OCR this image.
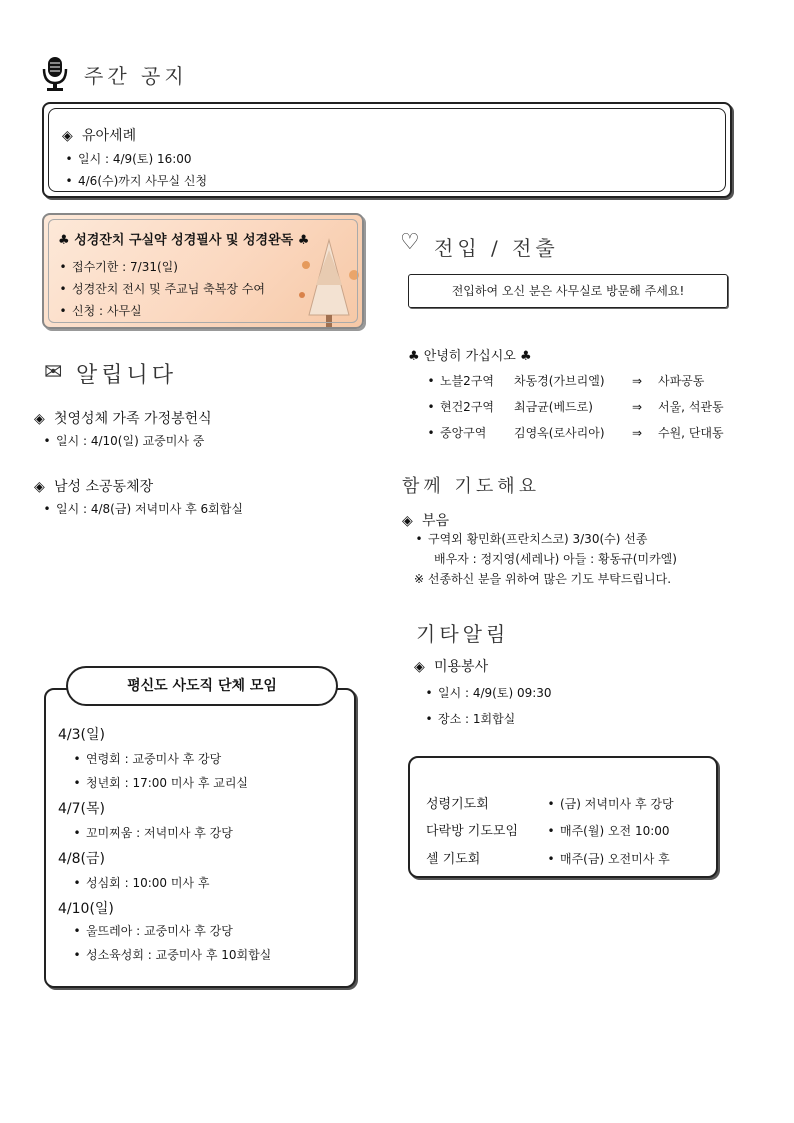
주간 공지
◈ 유아세례
• 일시 : 4/9(토) 16:00
• 4/6(수)까지 사무실 신청
♣ 성경잔치 구실약 성경필사 및 성경완독 ♣
• 접수기한 : 7/31(일)
• 성경잔치 전시 및 주교님 축복장 수여
• 신청 : 사무실
✉ 알립니다
◈ 첫영성체 가족 가정봉헌식
• 일시 : 4/10(일) 교중미사 중
◈ 남성 소공동체장
• 일시 : 4/8(금) 저녁미사 후 6회합실
♡ 전입 / 전출
전입하여 오신 분은 사무실로 방문해 주세요!
♣ 안녕히 가십시오 ♣
• 노블2구역 차동경(가브리엘) ⇒ 사파공동
• 현건2구역 최금균(베드로)	⇒ 서울, 석관동
• 중앙구역 김영옥(로사리아) ⇒ 수원, 단대동
함께 기도해요
◈ 부음
• 구역외 황민화(프란치스코) 3/30(수) 선종
배우자 : 정지영(세레나) 아들 : 황동규(미카엘)
※ 선종하신 분을 위하여 많은 기도 부탁드립니다.
기타알림
◈ 미용봉사
• 일시 : 4/9(토) 09:30
• 장소 : 1회합실
성령기도회	• (금) 저녁미사 후 강당
다락방 기도모임 • 매주(월) 오전 10:00
셀 기도회	• 매주(금) 오전미사 후
평신도 사도직 단체 모임
4/3(일)
• 연령회 : 교중미사 후 강당
• 청년회 : 17:00 미사 후 교리실
4/7(목)
• 꼬미찌움 : 저녁미사 후 강당
4/8(금)
• 성심회 : 10:00 미사 후
4/10(일)
• 울뜨레아 : 교중미사 후 강당
• 성소육성회 : 교중미사 후 10회합실
